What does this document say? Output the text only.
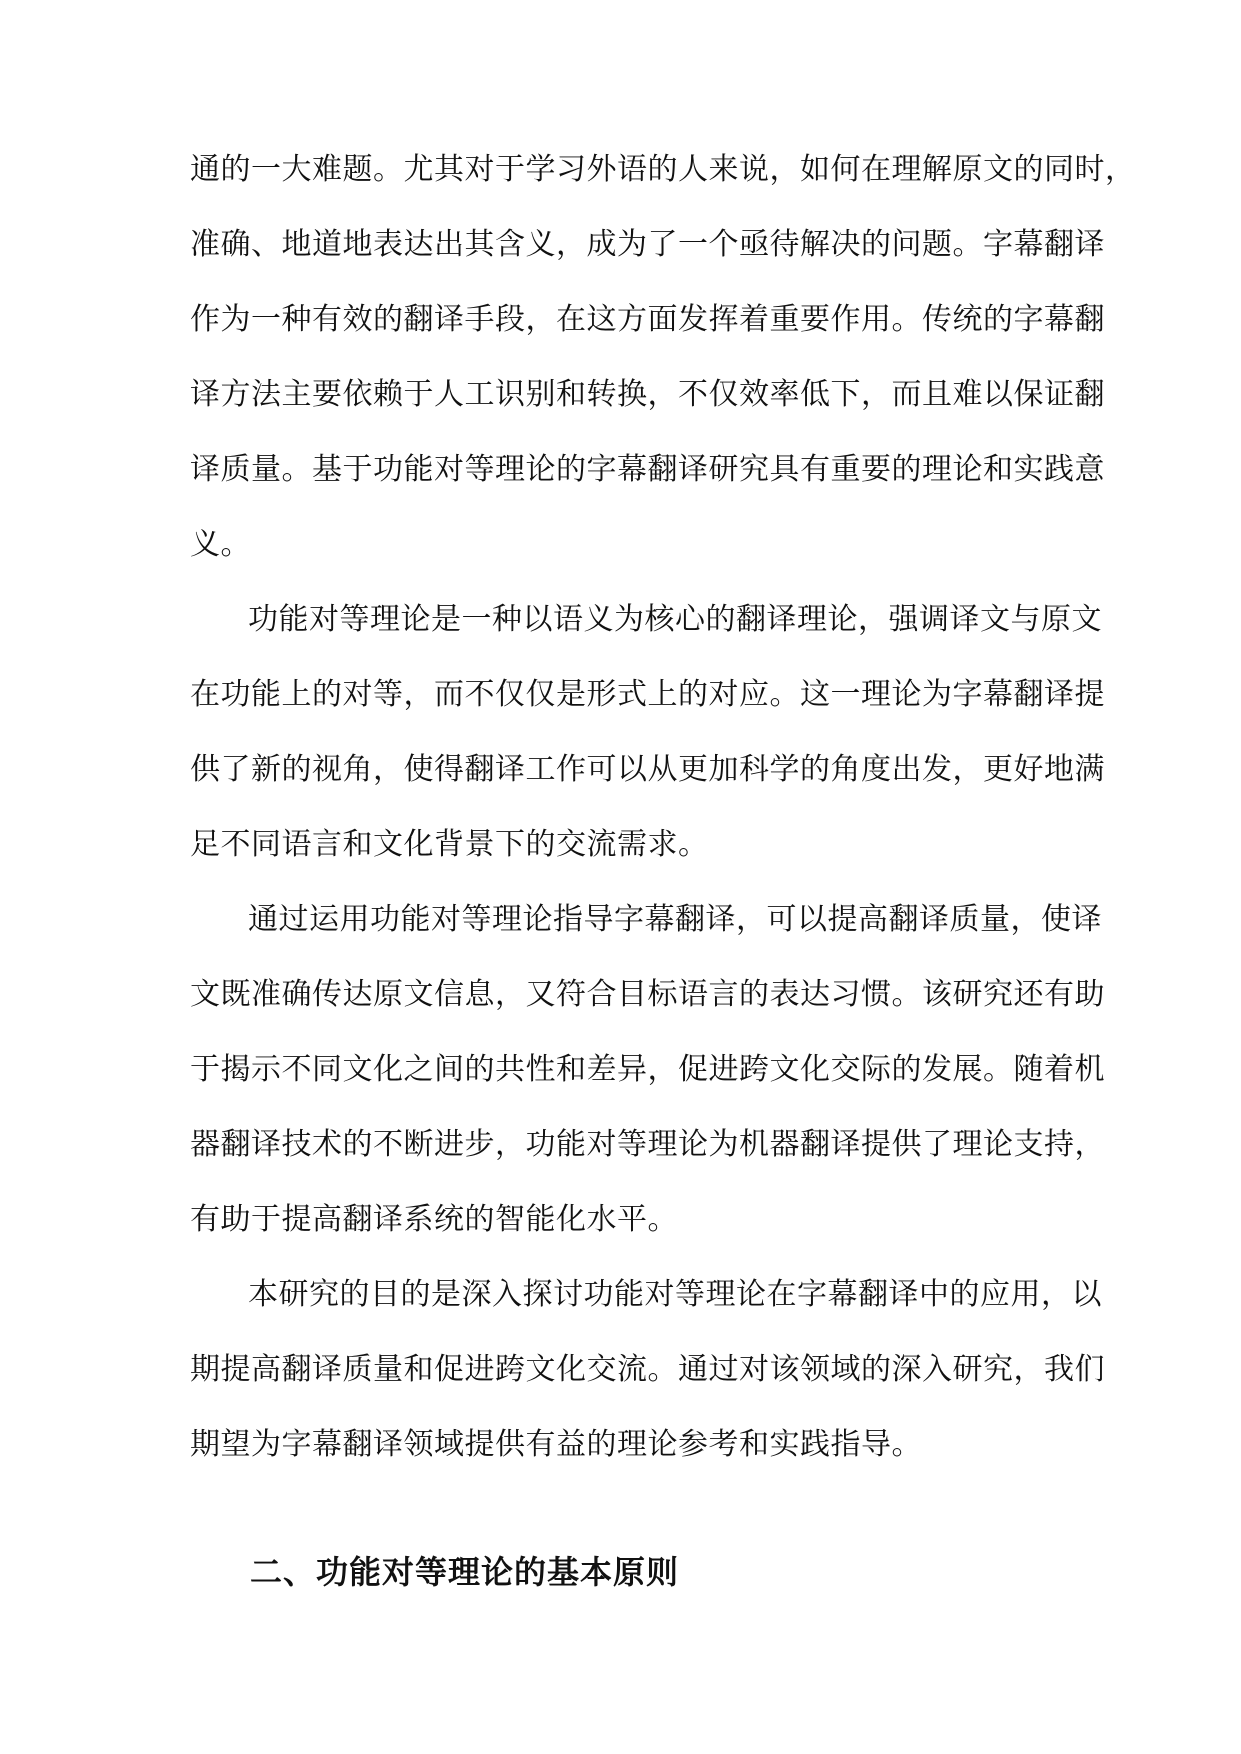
通的一大难题。尤其对于学习外语的人来说，如何在理解原文的同时，
准确、地道地表达出其含义，成为了一个亟待解决的问题。字幕翻译
作为一种有效的翻译手段，在这方面发挥着重要作用。传统的字幕翻
译方法主要依赖于人工识别和转换，不仅效率低下，而且难以保证翻
译质量。基于功能对等理论的字幕翻译研究具有重要的理论和实践意
义。
功能对等理论是一种以语义为核心的翻译理论，强调译文与原文
在功能上的对等，而不仅仅是形式上的对应。这一理论为字幕翻译提
供了新的视角，使得翻译工作可以从更加科学的角度出发，更好地满
足不同语言和文化背景下的交流需求。
通过运用功能对等理论指导字幕翻译，可以提高翻译质量，使译
文既准确传达原文信息，又符合目标语言的表达习惯。该研究还有助
于揭示不同文化之间的共性和差异，促进跨文化交际的发展。随着机
器翻译技术的不断进步，功能对等理论为机器翻译提供了理论支持，
有助于提高翻译系统的智能化水平。
本研究的目的是深入探讨功能对等理论在字幕翻译中的应用，以
期提高翻译质量和促进跨文化交流。通过对该领域的深入研究，我们
期望为字幕翻译领域提供有益的理论参考和实践指导。
二、功能对等理论的基本原则
